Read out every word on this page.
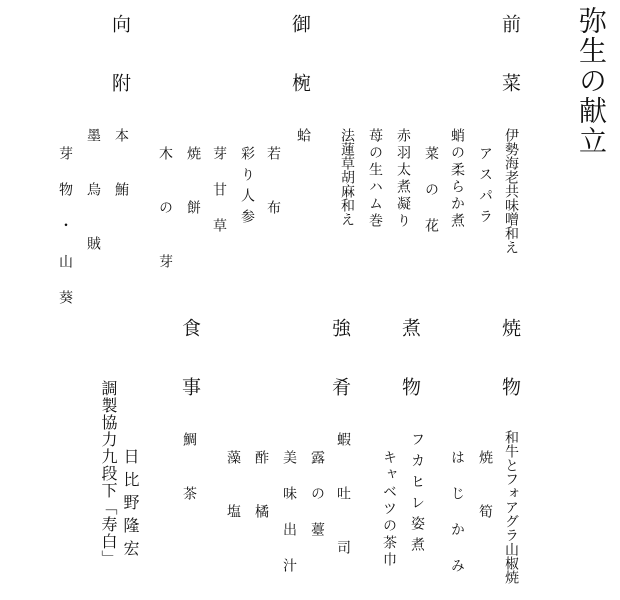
弥生の献立
前菜
伊勢海老共味噌和え
アスパラ
蛸の柔らか煮
菜の花
赤羽太煮凝り
苺の生ハム巻
法蓮草胡麻和え
御椀
蛤
若布
彩り人参
芽甘草
焼餅
木の芽
向附
本鮪
墨烏賊
芽物・山葵
焼物
和牛とフォアグラ山椒焼
焼筍
はじかみ
煮物
フカヒレ姿煮
キャベツの茶巾
強肴
蝦吐司
露の薹
美味出汁
酢橘
藻塩
食事
鯛茶
調製協力
日比野隆宏
九段下「寿白」
